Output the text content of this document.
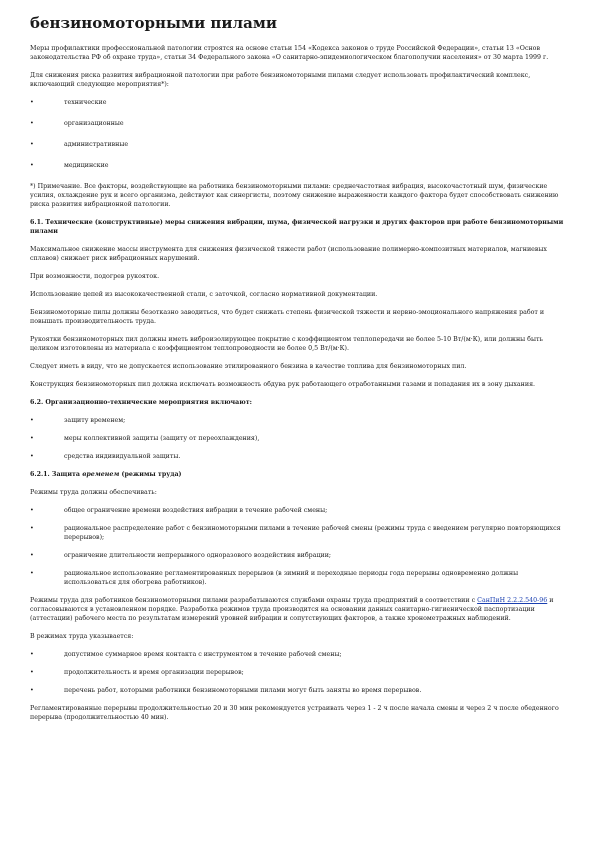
бензиномоторными пилами

Меры профилактики профессиональной патологии строятся на основе статьи 154 «Кодекса законов о труде Российской Федерации», статьи 13 «Основ законодательства РФ об охране труда», статьи 34 Федерального закона «О санитарно-эпидемиологическом благополучии населения» от 30 марта 1999 г.

Для снижения риска развития вибрационной патологии при работе бензиномоторными пилами следует использовать профилактический комплекс, включающий следующие мероприятия*):

•	технические
•	организационные
•	административные
•	медицинские

*) Примечание. Все факторы, воздействующие на работника бензиномоторными пилами: среднечастотная вибрация, высокочастотный шум, физические усилия, охлаждение рук и всего организма, действуют как синергисты, поэтому снижение выраженности каждого фактора будет способствовать снижению риска развития вибрационной патологии.

6.1. Технические (конструктивные) меры снижения вибрации, шума, физической нагрузки и других факторов при работе бензиномоторными пилами

Максимальное снижение массы инструмента для снижения физической тяжести работ (использование полимерно-композитных материалов, магниевых сплавов) снижает риск вибрационных нарушений.

При возможности, подогрев рукояток.

Использование цепей из высококачественной стали, с заточкой, согласно нормативной документации.

Бензиномоторные пилы должны безотказно заводиться, что будет снижать степень физической тяжести и нервно-эмоционального напряжения работ и повышать производительность труда.

Рукоятки бензиномоторных пил должны иметь виброизолирующее покрытие с коэффициентом теплопередачи не более 5-10 Вт/(м·К), или должны быть целиком изготовлены из материала с коэффициентом теплопроводности не более 0,5 Вт/(м·К).

Следует иметь в виду, что не допускается использование этилированного бензина в качестве топлива для бензиномоторных пил.

Конструкция бензиномоторных пил должна исключать возможность обдува рук работающего отработанными газами и попадания их в зону дыхания.

6.2. Организационно-технические мероприятия включают:

•	защиту временем;
•	меры коллективной защиты (защиту от переохлаждения),
•	средства индивидуальной защиты.

6.2.1. Защита временем (режимы труда)

Режимы труда должны обеспечивать:

•	общее ограничение времени воздействия вибрации в течение рабочей смены;
•	рациональное распределение работ с бензиномоторными пилами в течение рабочей смены (режимы труда с введением регулярно повторяющихся перерывов);
•	ограничение длительности непрерывного одноразового воздействия вибрации;
•	рациональное использование регламентированных перерывов (в зимний и переходные периоды года перерывы одновременно должны использоваться для обогрева работников).

Режимы труда для работников бензиномоторными пилами разрабатываются службами охраны труда предприятий в соответствии с СанПиН 2.2.2.540-96 и согласовываются в установленном порядке. Разработка режимов труда производится на основании данных санитарно-гигиенической паспортизации (аттестации) рабочего места по результатам измерений уровней вибрации и сопутствующих факторов, а также хронометражных наблюдений.

В режимах труда указывается:

•	допустимое суммарное время контакта с инструментом в течение рабочей смены;
•	продолжительность и время организации перерывов;
•	перечень работ, которыми работники бензиномоторными пилами могут быть заняты во время перерывов.

Регламентированные перерывы продолжительностью 20 и 30 мин рекомендуется устраивать через 1 - 2 ч после начала смены и через 2 ч после обеденного перерыва (продолжительностью 40 мин).
